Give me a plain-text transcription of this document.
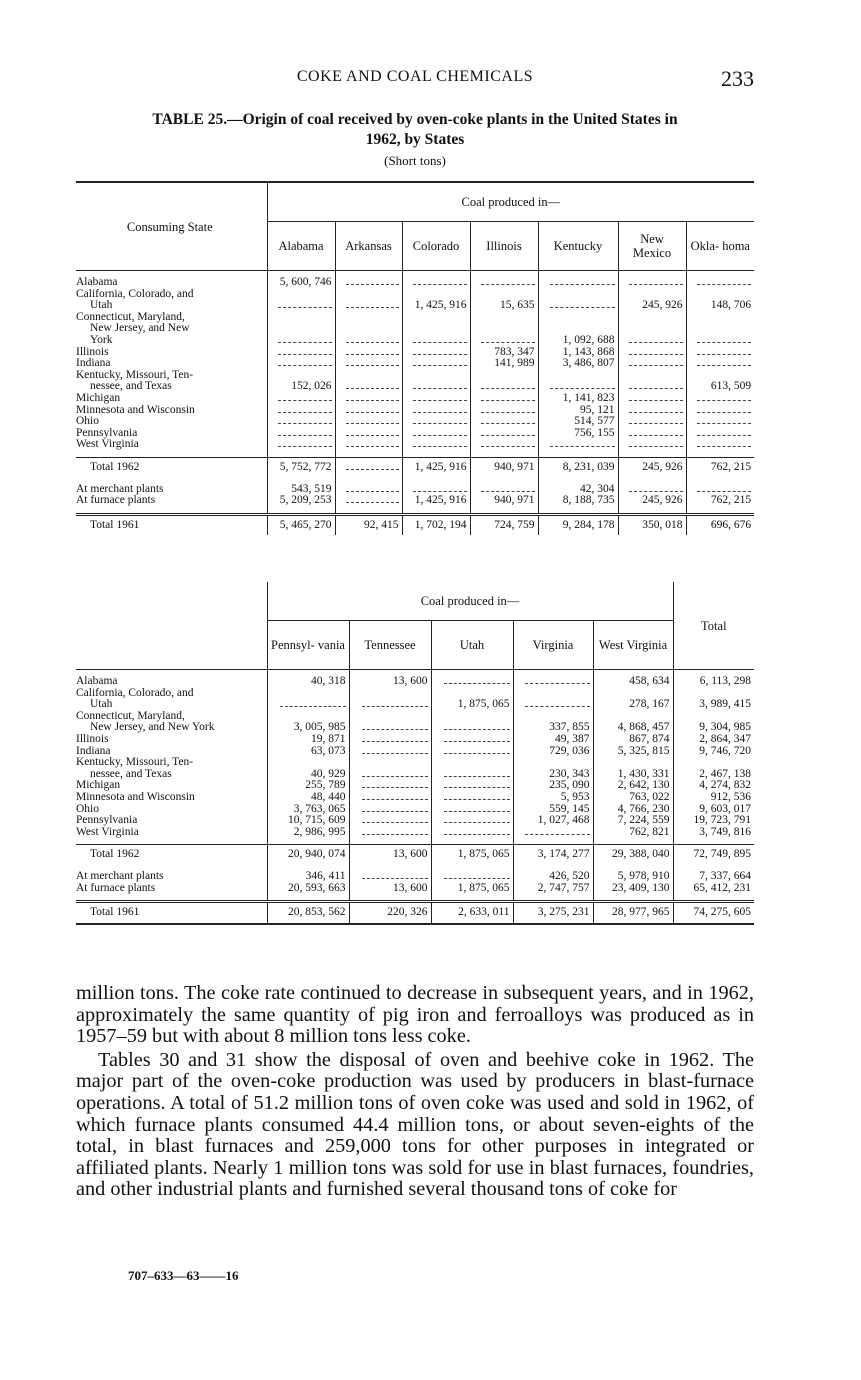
COKE AND COAL CHEMICALS	233
TABLE 25.—Origin of coal received by oven-coke plants in the United States in
1962, by States
(Short tons)
Consuming State	Coal produced in—						
	Alabama	Arkansas	Colorado	Illinois	Kentucky	New Mexico	Okla- homa

Alabama	5, 600, 746						
California, Colorado, and							
Utah			1, 425, 916	15, 635		245, 926	148, 706
Connecticut, Maryland,							
New Jersey, and New							
York					1, 092, 688		
Illinois				783, 347	1, 143, 868		
Indiana				141, 989	3, 486, 807		
Kentucky, Missouri, Ten-							
nessee, and Texas	152, 026						613, 509
Michigan					1, 141, 823		
Minnesota and Wisconsin					95, 121		
Ohio					514, 577		
Pennsylvania					756, 155		
West Virginia							

Total 1962	5, 752, 772		1, 425, 916	940, 971	8, 231, 039	245, 926	762, 215

At merchant plants	543, 519				42, 304		
At furnace plants	5, 209, 253		1, 425, 916	940, 971	8, 188, 735	245, 926	762, 215

Total 1961	5, 465, 270	92, 415	1, 702, 194	724, 759	9, 284, 178	350, 018	696, 676
	Coal produced in—					Total
	Pennsyl- vania	Tennessee	Utah	Virginia	West Virginia	

Alabama	40, 318	13, 600			458, 634	6, 113, 298
California, Colorado, and						
Utah			1, 875, 065		278, 167	3, 989, 415
Connecticut, Maryland,						
New Jersey, and New York	3, 005, 985			337, 855	4, 868, 457	9, 304, 985
Illinois	19, 871			49, 387	867, 874	2, 864, 347
Indiana	63, 073			729, 036	5, 325, 815	9, 746, 720
Kentucky, Missouri, Ten-						
nessee, and Texas	40, 929			230, 343	1, 430, 331	2, 467, 138
Michigan	255, 789			235, 090	2, 642, 130	4, 274, 832
Minnesota and Wisconsin	48, 440			5, 953	763, 022	912, 536
Ohio	3, 763, 065			559, 145	4, 766, 230	9, 603, 017
Pennsylvania	10, 715, 609			1, 027, 468	7, 224, 559	19, 723, 791
West Virginia	2, 986, 995				762, 821	3, 749, 816

Total 1962	20, 940, 074	13, 600	1, 875, 065	3, 174, 277	29, 388, 040	72, 749, 895

At merchant plants	346, 411			426, 520	5, 978, 910	7, 337, 664
At furnace plants	20, 593, 663	13, 600	1, 875, 065	2, 747, 757	23, 409, 130	65, 412, 231

Total 1961	20, 853, 562	220, 326	2, 633, 011	3, 275, 231	28, 977, 965	74, 275, 605

million tons. The coke rate continued to decrease in subsequent years, and in 1962, approximately the same quantity of pig iron and ferroalloys was produced as in 1957–59 but with about 8 million tons less coke.

Tables 30 and 31 show the disposal of oven and beehive coke in 1962. The major part of the oven-coke production was used by producers in blast-furnace operations. A total of 51.2 million tons of oven coke was used and sold in 1962, of which furnace plants consumed 44.4 million tons, or about seven-eights of the total, in blast furnaces and 259,000 tons for other purposes in integrated or affiliated plants. Nearly 1 million tons was sold for use in blast furnaces, foundries, and other industrial plants and furnished several thousand tons of coke for

707–633—63——16
